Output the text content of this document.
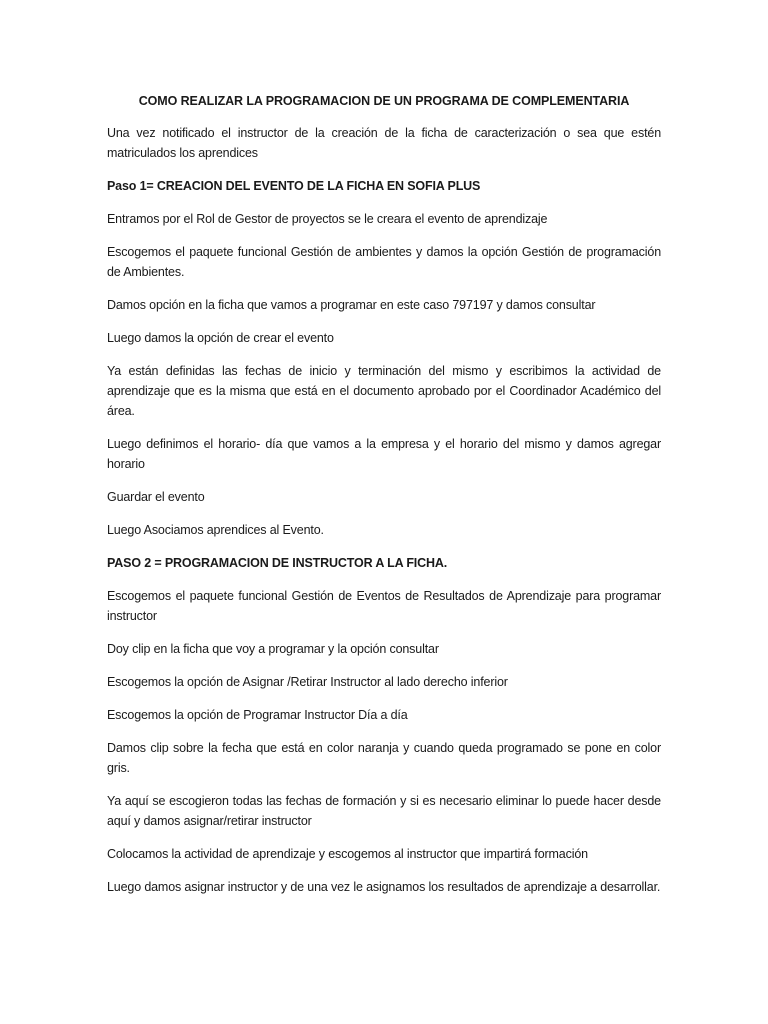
COMO REALIZAR LA PROGRAMACION DE UN PROGRAMA DE COMPLEMENTARIA

Una vez notificado el instructor de la creación de la ficha de caracterización o sea que estén matriculados los aprendices

Paso 1= CREACION DEL EVENTO DE LA FICHA EN SOFIA PLUS

Entramos por el Rol de Gestor de proyectos se le creara el evento de aprendizaje

Escogemos el paquete funcional Gestión de ambientes y damos la opción Gestión de programación de Ambientes.

Damos opción en la ficha que vamos a programar en este caso 797197 y damos consultar

Luego damos la opción de crear el evento

Ya están definidas las fechas de inicio y terminación del mismo y escribimos la actividad de aprendizaje que es la misma que está en el documento aprobado por el Coordinador Académico del área.

Luego definimos el horario- día que vamos a la empresa y el horario del mismo y damos agregar horario

Guardar el evento

Luego Asociamos aprendices al Evento.

PASO 2 = PROGRAMACION DE INSTRUCTOR A LA FICHA.

Escogemos el paquete funcional Gestión de Eventos de Resultados de Aprendizaje para programar instructor

Doy clip en la ficha que voy a programar y la opción consultar

Escogemos la opción de Asignar /Retirar Instructor al lado derecho inferior

Escogemos la opción de Programar Instructor Día a día

Damos clip sobre la fecha que está en color naranja y cuando queda programado se pone en color gris.

Ya aquí se escogieron todas las fechas de formación y si es necesario eliminar lo puede hacer desde aquí y damos asignar/retirar instructor

Colocamos la actividad de aprendizaje y escogemos al instructor que impartirá formación

Luego damos asignar instructor y de una vez le asignamos los resultados de aprendizaje a desarrollar.
